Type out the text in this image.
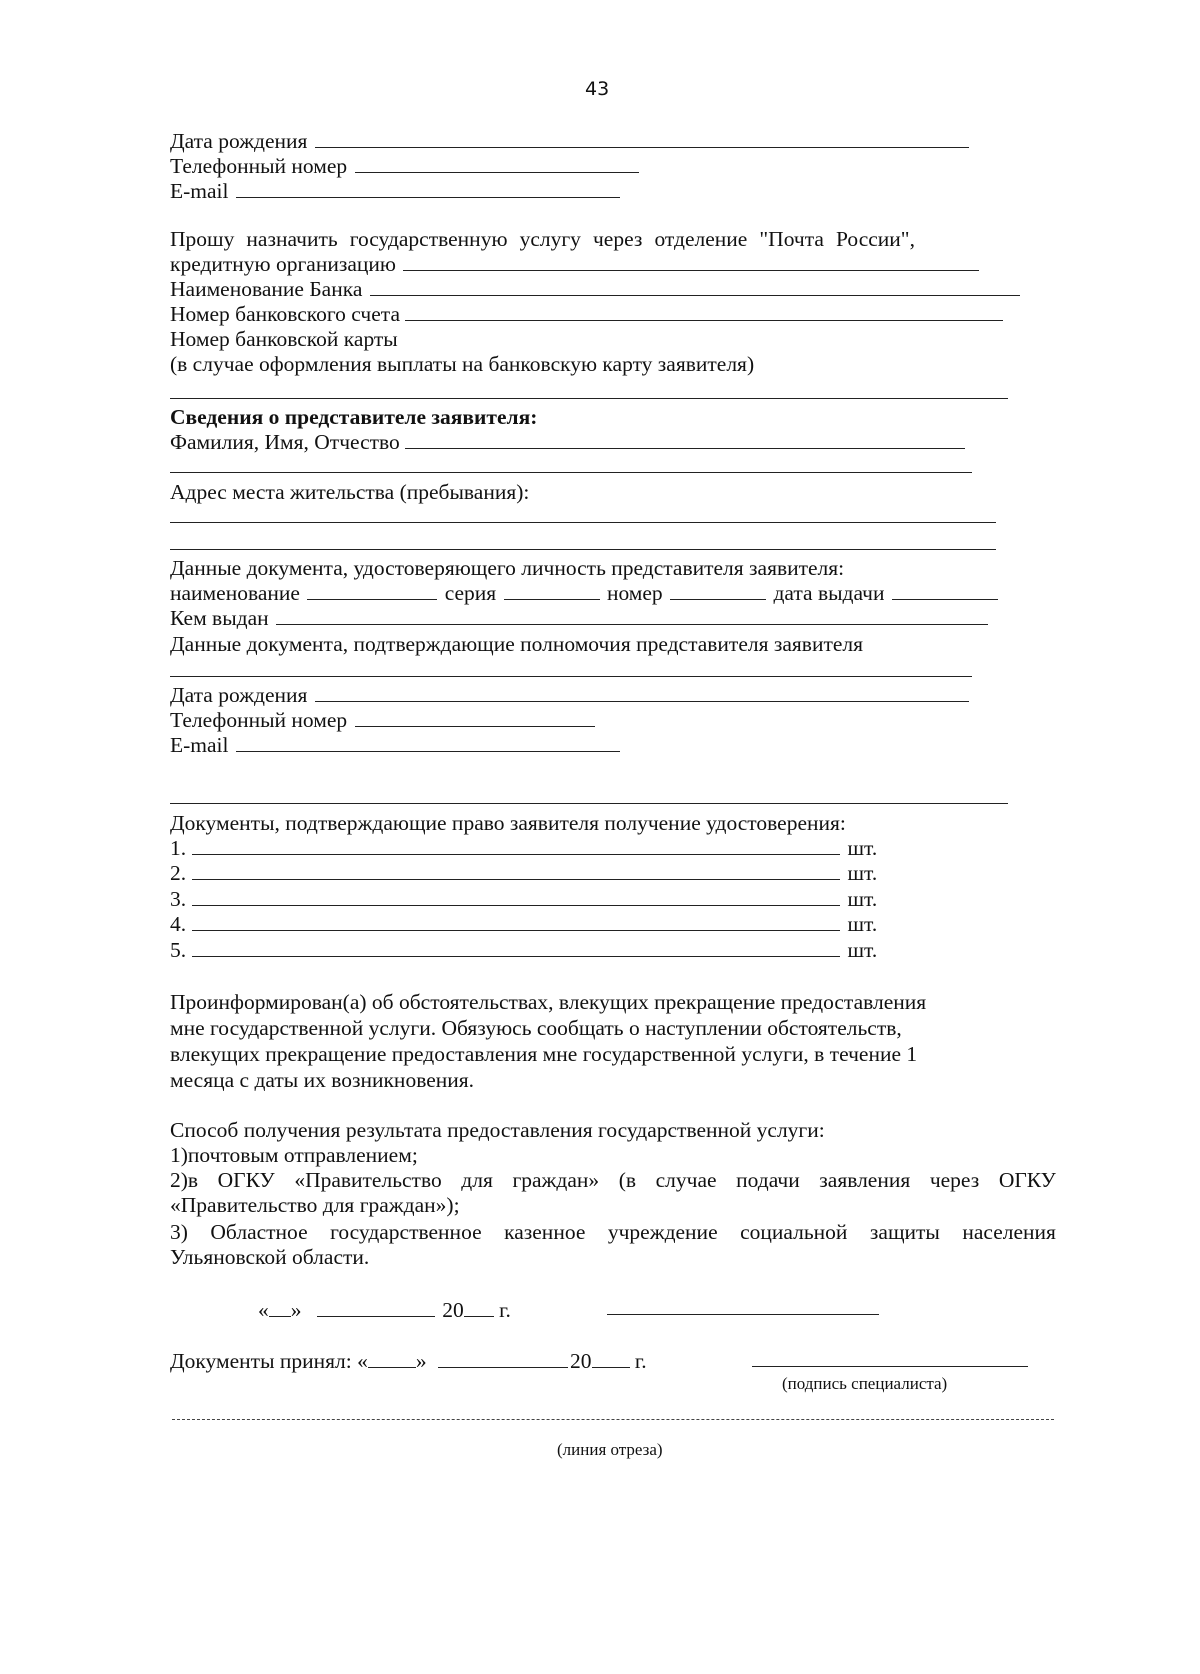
43
Дата рождения
Телефонный номер
E-mail
Прошу назначить государственную услугу через отделение "Почта России",
кредитную организацию
Наименование Банка
Номер банковского счета
Номер банковской карты
(в случае оформления выплаты на банковскую карту заявителя)
Сведения о представителе заявителя:
Фамилия, Имя, Отчество
Адрес места жительства (пребывания):
Данные документа, удостоверяющего личность представителя заявителя:
наименование	серия	номер	дата выдачи
Кем выдан
Данные документа, подтверждающие полномочия представителя заявителя
Дата рождения
Телефонный номер
E-mail
Документы, подтверждающие право заявителя получение удостоверения:
1.	шт.
2.	шт.
3.	шт.
4.	шт.
5.	шт.
Проинформирован(а) об обстоятельствах, влекущих прекращение предоставления
мне государственной услуги. Обязуюсь сообщать о наступлении обстоятельств,
влекущих прекращение предоставления мне государственной услуги, в течение 1
месяца с даты их возникновения.
Способ получения результата предоставления государственной услуги:
1)почтовым отправлением;
2)в ОГКУ «Правительство для граждан» (в случае подачи заявления через ОГКУ
«Правительство для граждан»);
3) Областное государственное казенное учреждение социальной защиты населения
Ульяновской области.
« »	20 г.
Документы принял: « »	20 г.
(подпись специалиста)
(линия отреза)
